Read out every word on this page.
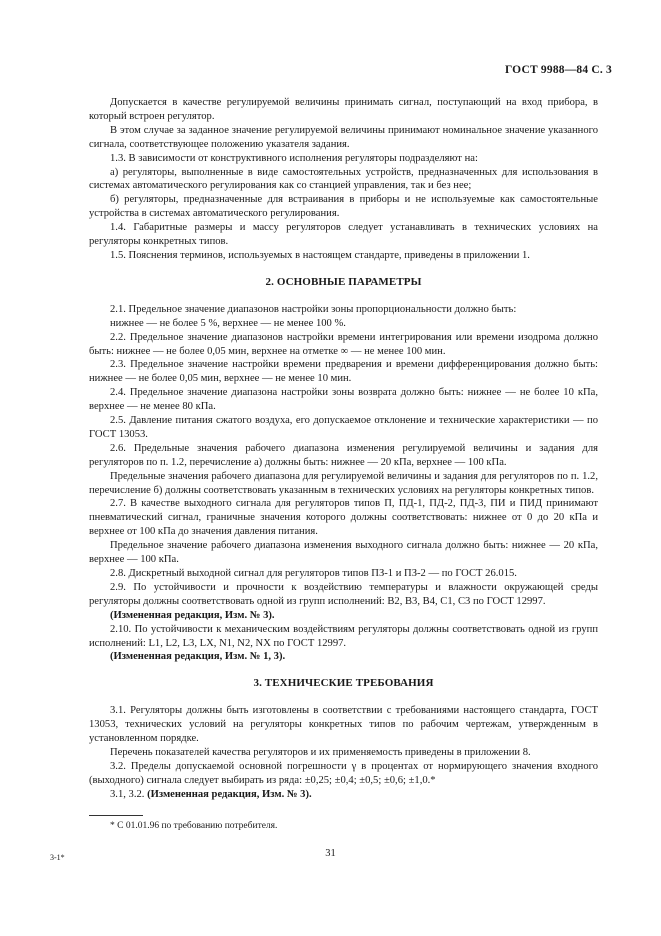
ГОСТ 9988—84 С. 3

Допускается в качестве регулируемой величины принимать сигнал, поступающий на вход прибора, в который встроен регулятор.

В этом случае за заданное значение регулируемой величины принимают номинальное значение указанного сигнала, соответствующее положению указателя задания.

1.3. В зависимости от конструктивного исполнения регуляторы подразделяют на:

а) регуляторы, выполненные в виде самостоятельных устройств, предназначенных для использования в системах автоматического регулирования как со станцией управления, так и без нее;

б) регуляторы, предназначенные для встраивания в приборы и не используемые как самостоятельные устройства в системах автоматического регулирования.

1.4. Габаритные размеры и массу регуляторов следует устанавливать в технических условиях на регуляторы конкретных типов.

1.5. Пояснения терминов, используемых в настоящем стандарте, приведены в приложении 1.

2. ОСНОВНЫЕ ПАРАМЕТРЫ

2.1. Предельное значение диапазонов настройки зоны пропорциональности должно быть:

нижнее — не более 5 %, верхнее — не менее 100 %.

2.2. Предельное значение диапазонов настройки времени интегрирования или времени изодрома должно быть: нижнее — не более 0,05 мин, верхнее на отметке ∞ — не менее 100 мин.

2.3. Предельное значение настройки времени предварения и времени дифференцирования должно быть: нижнее — не более 0,05 мин, верхнее — не менее 10 мин.

2.4. Предельное значение диапазона настройки зоны возврата должно быть: нижнее — не более 10 кПа, верхнее — не менее 80 кПа.

2.5. Давление питания сжатого воздуха, его допускаемое отклонение и технические характеристики — по ГОСТ 13053.

2.6. Предельные значения рабочего диапазона изменения регулируемой величины и задания для регуляторов по п. 1.2, перечисление а) должны быть: нижнее — 20 кПа, верхнее — 100 кПа.

Предельные значения рабочего диапазона для регулируемой величины и задания для регуляторов по п. 1.2, перечисление б) должны соответствовать указанным в технических условиях на регуляторы конкретных типов.

2.7. В качестве выходного сигнала для регуляторов типов П, ПД-1, ПД-2, ПД-3, ПИ и ПИД принимают пневматический сигнал, граничные значения которого должны соответствовать: нижнее от 0 до 20 кПа и верхнее от 100 кПа до значения давления питания.

Предельное значение рабочего диапазона изменения выходного сигнала должно быть: нижнее — 20 кПа, верхнее — 100 кПа.

2.8. Дискретный выходной сигнал для регуляторов типов ПЗ-1 и ПЗ-2 — по ГОСТ 26.015.

2.9. По устойчивости и прочности к воздействию температуры и влажности окружающей среды регуляторы должны соответствовать одной из групп исполнений: В2, В3, В4, С1, С3 по ГОСТ 12997.

(Измененная редакция, Изм. № 3).

2.10. По устойчивости к механическим воздействиям регуляторы должны соответствовать одной из групп исполнений: L1, L2, L3, LX, N1, N2, NX по ГОСТ 12997.

(Измененная редакция, Изм. № 1, 3).

3. ТЕХНИЧЕСКИЕ ТРЕБОВАНИЯ

3.1. Регуляторы должны быть изготовлены в соответствии с требованиями настоящего стандарта, ГОСТ 13053, технических условий на регуляторы конкретных типов по рабочим чертежам, утвержденным в установленном порядке.

Перечень показателей качества регуляторов и их применяемость приведены в приложении 8.

3.2. Пределы допускаемой основной погрешности γ в процентах от нормирующего значения входного (выходного) сигнала следует выбирать из ряда: ±0,25; ±0,4; ±0,5; ±0,6; ±1,0.*

3.1, 3.2. (Измененная редакция, Изм. № 3).

* С 01.01.96 по требованию потребителя.
3-1*	31
